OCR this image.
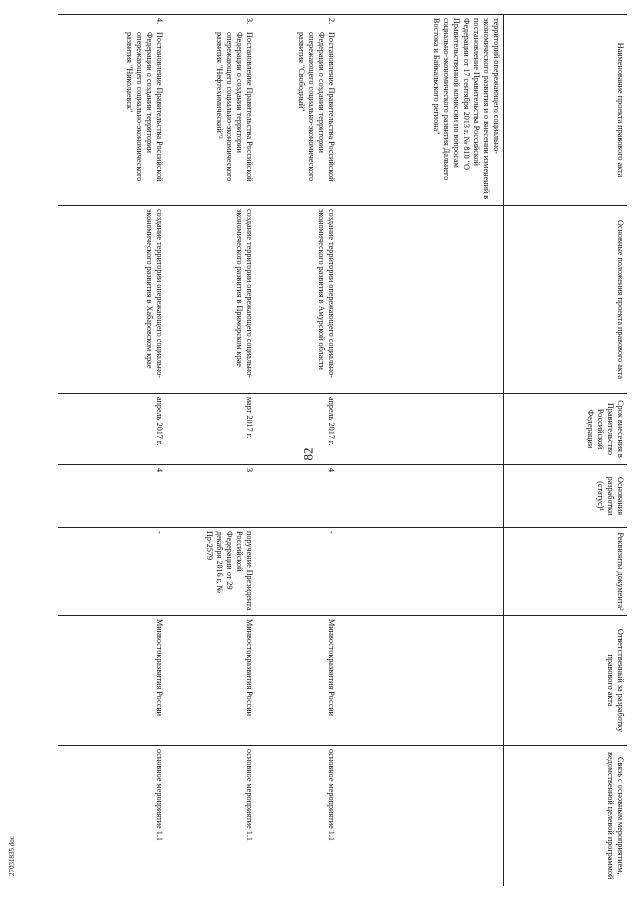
82
27031835.doc
Наименование проекта правового акта	Основные положения проекта правового акта	Срок внесения в Правительство Российской Федерации	Основания разработки (статус)¹	Реквизиты документа²	Ответственный за разработку правового акта	Связь с основным мероприятием, ведомственной целевой программой

территорий опережающего социально-экономического развития и о внесении изменений в постановление Правительства Российской Федерации от 17 сентября 2013 г. № 810 "О Правительственной комиссии по вопросам социально-экономического развития Дальнего Востока и Байкальского региона"						

2.
Постановление Правительства Российской Федерации о создании территории опережающего социально-экономического развития "Свободный"	создание территории опережающего социально-экономического развития в Амурской области	апрель 2017 г.	4	-	Минвостокразвития России	основное мероприятие 1.1

3.
Постановление Правительства Российской Федерации о создании территории опережающего социально-экономического развития "Нефтехимический"³	создание территории опережающего социально-экономического развития в Приморском крае	март 2017 г.	3	поручение Президента Российской Федерации от 29 декабря 2016 г. № Пр-2579	Минвостокразвития России	основное мероприятие 1.1

4.
Постановление Правительства Российской Федерации о создании территории опережающего социально-экономического развития "Николаевск"	создание территории опережающего социально-экономического развития в Хабаровском крае	апрель 2017 г.	4	-	Минвостокразвития России	основное мероприятие 1.1
